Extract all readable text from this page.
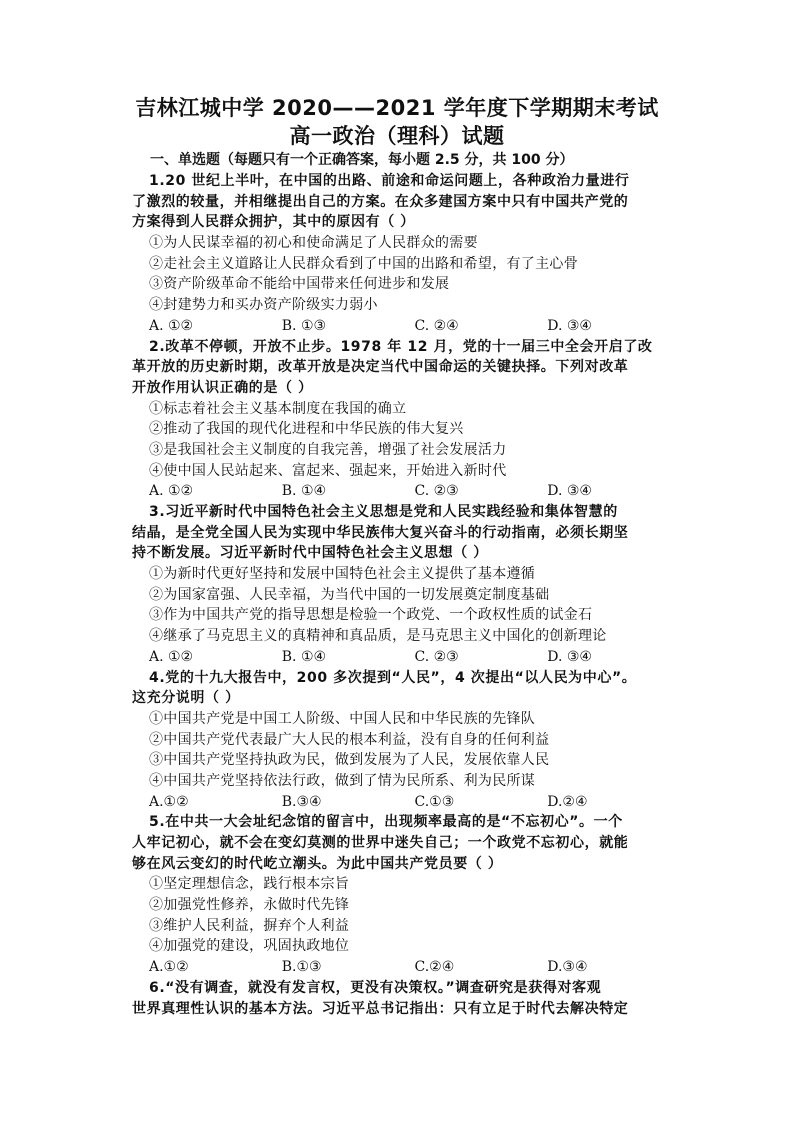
吉林江城中学 2020——2021 学年度下学期期末考试
高一政治（理科）试题
一、单选题（每题只有一个正确答案，每小题 2.5 分，共 100 分）
1.20 世纪上半叶，在中国的出路、前途和命运问题上，各种政治力量进行
了激烈的较量，并相继提出自己的方案。在众多建国方案中只有中国共产党的
方案得到人民群众拥护，其中的原因有（ ）
①为人民谋幸福的初心和使命满足了人民群众的需要
②走社会主义道路让人民群众看到了中国的出路和希望，有了主心骨
③资产阶级革命不能给中国带来任何进步和发展
④封建势力和买办资产阶级实力弱小
A. ①②	B. ①③	C. ②④	D. ③④
2.改革不停顿，开放不止步。1978 年 12 月，党的十一届三中全会开启了改
革开放的历史新时期，改革开放是决定当代中国命运的关键抉择。下列对改革
开放作用认识正确的是（ ）
①标志着社会主义基本制度在我国的确立
②推动了我国的现代化进程和中华民族的伟大复兴
③是我国社会主义制度的自我完善，增强了社会发展活力
④使中国人民站起来、富起来、强起来，开始进入新时代
A. ①②	B. ①④	C. ②③	D. ③④
3.习近平新时代中国特色社会主义思想是党和人民实践经验和集体智慧的
结晶，是全党全国人民为实现中华民族伟大复兴奋斗的行动指南，必须长期坚
持不断发展。习近平新时代中国特色社会主义思想（ ）
①为新时代更好坚持和发展中国特色社会主义提供了基本遵循
②为国家富强、人民幸福，为当代中国的一切发展奠定制度基础
③作为中国共产党的指导思想是检验一个政党、一个政权性质的试金石
④继承了马克思主义的真精神和真品质，是马克思主义中国化的创新理论
A. ①②	B. ①④	C. ②③	D. ③④
4.党的十九大报告中，200 多次提到“人民”，4 次提出“以人民为中心”。
这充分说明（ ）
①中国共产党是中国工人阶级、中国人民和中华民族的先锋队
②中国共产党代表最广大人民的根本利益，没有自身的任何利益
③中国共产党坚持执政为民，做到发展为了人民，发展依靠人民
④中国共产党坚持依法行政，做到了情为民所系、利为民所谋
A.①②	B.③④	C.①③	D.②④
5.在中共一大会址纪念馆的留言中，出现频率最高的是“不忘初心”。一个
人牢记初心，就不会在变幻莫测的世界中迷失自己；一个政党不忘初心，就能
够在风云变幻的时代屹立潮头。为此中国共产党员要（ ）
①坚定理想信念，践行根本宗旨
②加强党性修养，永做时代先锋
③维护人民利益，摒弃个人利益
④加强党的建设，巩固执政地位
A.①②	B.①③	C.②④	D.③④
6.“没有调查，就没有发言权，更没有决策权。”调查研究是获得对客观
世界真理性认识的基本方法。习近平总书记指出：只有立足于时代去解决特定
